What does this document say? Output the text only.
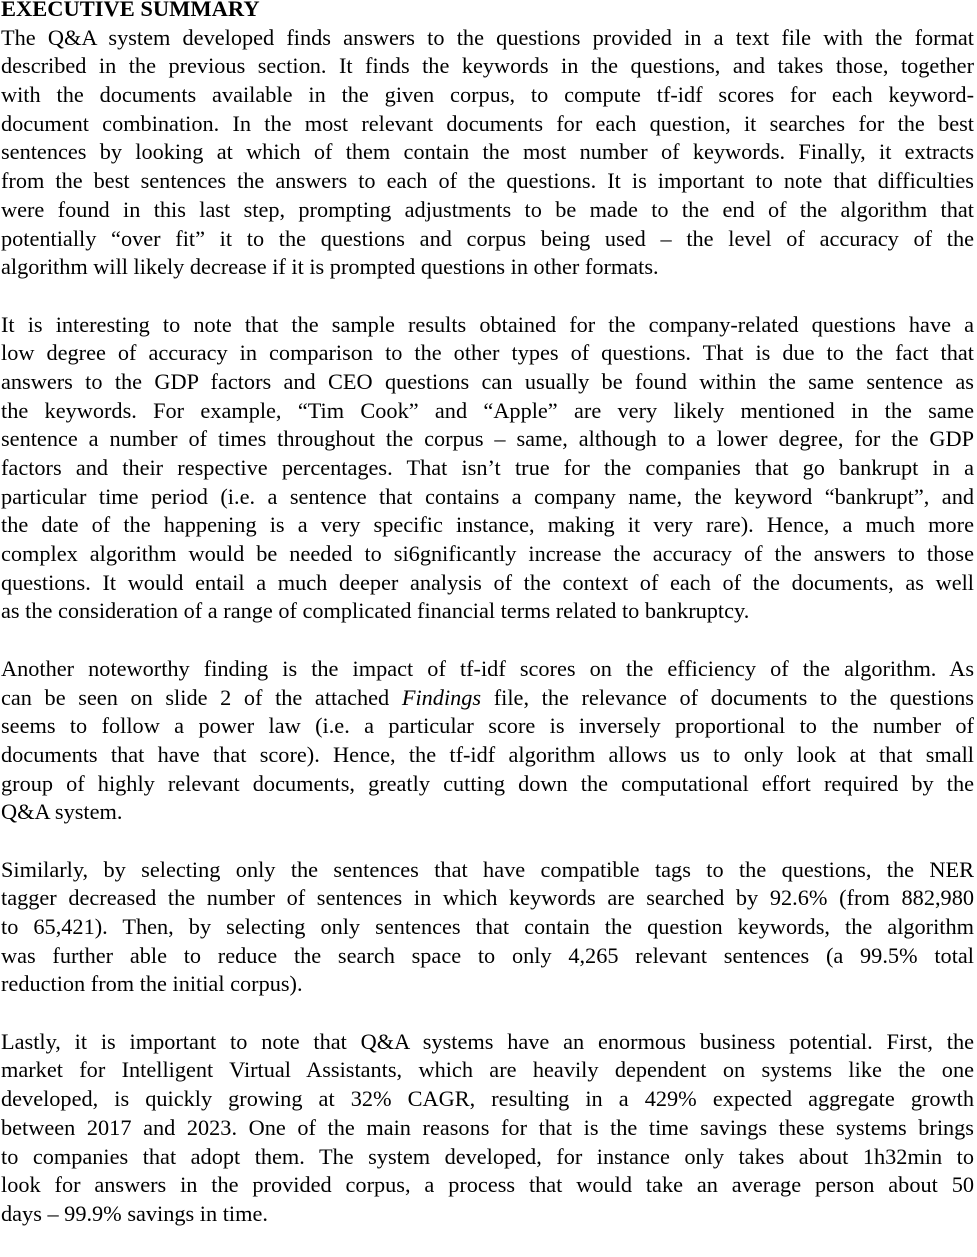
EXECUTIVE SUMMARY
The Q&A system developed finds answers to the questions provided in a text file with the format
described in the previous section. It finds the keywords in the questions, and takes those, together
with the documents available in the given corpus, to compute tf-idf scores for each keyword-
document combination. In the most relevant documents for each question, it searches for the best
sentences by looking at which of them contain the most number of keywords. Finally, it extracts
from the best sentences the answers to each of the questions. It is important to note that difficulties
were found in this last step, prompting adjustments to be made to the end of the algorithm that
potentially “over fit” it to the questions and corpus being used – the level of accuracy of the
algorithm will likely decrease if it is prompted questions in other formats.
It is interesting to note that the sample results obtained for the company-related questions have a
low degree of accuracy in comparison to the other types of questions. That is due to the fact that
answers to the GDP factors and CEO questions can usually be found within the same sentence as
the keywords. For example, “Tim Cook” and “Apple” are very likely mentioned in the same
sentence a number of times throughout the corpus – same, although to a lower degree, for the GDP
factors and their respective percentages. That isn’t true for the companies that go bankrupt in a
particular time period (i.e. a sentence that contains a company name, the keyword “bankrupt”, and
the date of the happening is a very specific instance, making it very rare). Hence, a much more
complex algorithm would be needed to si6gnificantly increase the accuracy of the answers to those
questions. It would entail a much deeper analysis of the context of each of the documents, as well
as the consideration of a range of complicated financial terms related to bankruptcy.
Another noteworthy finding is the impact of tf-idf scores on the efficiency of the algorithm. As
can be seen on slide 2 of the attached Findings file, the relevance of documents to the questions
seems to follow a power law (i.e. a particular score is inversely proportional to the number of
documents that have that score). Hence, the tf-idf algorithm allows us to only look at that small
group of highly relevant documents, greatly cutting down the computational effort required by the
Q&A system.
Similarly, by selecting only the sentences that have compatible tags to the questions, the NER
tagger decreased the number of sentences in which keywords are searched by 92.6% (from 882,980
to 65,421). Then, by selecting only sentences that contain the question keywords, the algorithm
was further able to reduce the search space to only 4,265 relevant sentences (a 99.5% total
reduction from the initial corpus).
Lastly, it is important to note that Q&A systems have an enormous business potential. First, the
market for Intelligent Virtual Assistants, which are heavily dependent on systems like the one
developed, is quickly growing at 32% CAGR, resulting in a 429% expected aggregate growth
between 2017 and 2023. One of the main reasons for that is the time savings these systems brings
to companies that adopt them. The system developed, for instance only takes about 1h32min to
look for answers in the provided corpus, a process that would take an average person about 50
days – 99.9% savings in time.
